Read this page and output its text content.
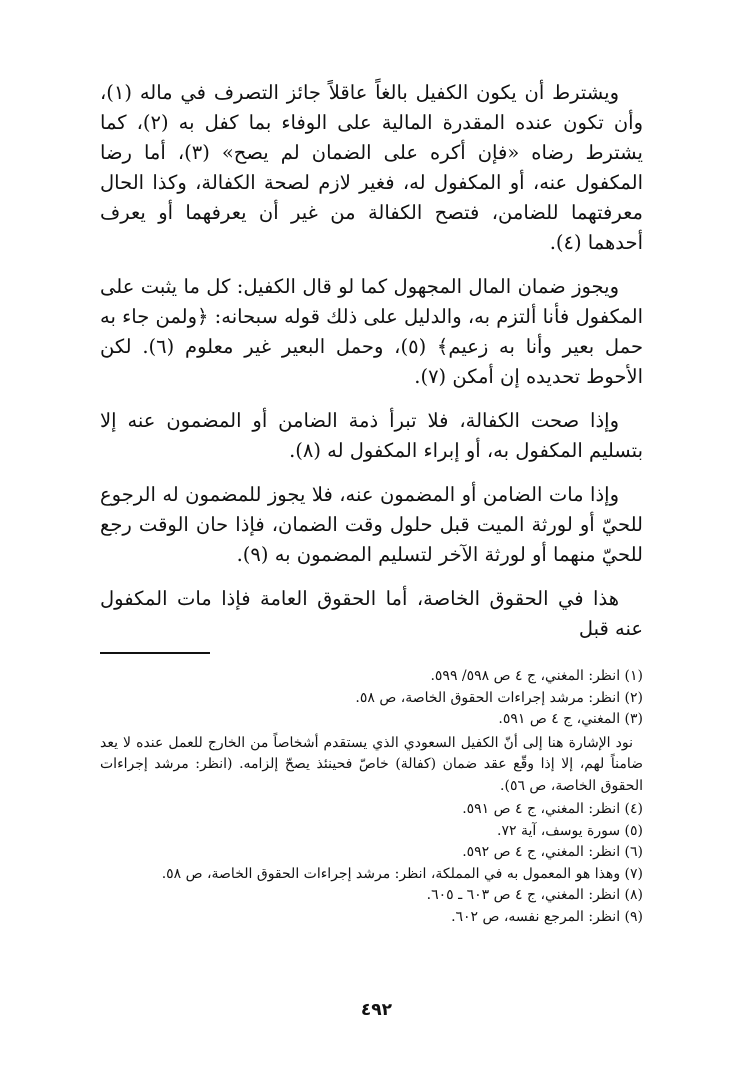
ويشترط أن يكون الكفيل بالغاً عاقلاً جائز التصرف في ماله (١)، وأن تكون عنده المقدرة المالية على الوفاء بما كفل به (٢)، كما يشترط رضاه «فإن أكره على الضمان لم يصح» (٣)، أما رضا المكفول عنه، أو المكفول له، فغير لازم لصحة الكفالة، وكذا الحال معرفتهما للضامن، فتصح الكفالة من غير أن يعرفهما أو يعرف أحدهما (٤).

ويجوز ضمان المال المجهول كما لو قال الكفيل: كل ما يثبت على المكفول فأنا ألتزم به، والدليل على ذلك قوله سبحانه: ﴿ولمن جاء به حمل بعير وأنا به زعيم﴾ (٥)، وحمل البعير غير معلوم (٦). لكن الأحوط تحديده إن أمكن (٧).

وإذا صحت الكفالة، فلا تبرأ ذمة الضامن أو المضمون عنه إلا بتسليم المكفول به، أو إبراء المكفول له (٨).

وإذا مات الضامن أو المضمون عنه، فلا يجوز للمضمون له الرجوع للحيّ أو لورثة الميت قبل حلول وقت الضمان، فإذا حان الوقت رجع للحيّ منهما أو لورثة الآخر لتسليم المضمون به (٩).

هذا في الحقوق الخاصة، أما الحقوق العامة فإذا مات المكفول عنه قبل

(١) انظر: المغني، ج ٤ ص ٥٩٨/ ٥٩٩.

(٢) انظر: مرشد إجراءات الحقوق الخاصة، ص ٥٨.

(٣) المغني، ج ٤ ص ٥٩١.

نود الإشارة هنا إلى أنّ الكفيل السعودي الذي يستقدم أشخاصاً من الخارج للعمل عنده لا يعد ضامناً لهم، إلا إذا وقّع عقد ضمان (كفالة) خاصّ فحينئذ يصحّ إلزامه. (انظر: مرشد إجراءات الحقوق الخاصة، ص ٥٦).

(٤) انظر: المغني، ج ٤ ص ٥٩١.

(٥) سورة يوسف، آية ٧٢.

(٦) انظر: المغني، ج ٤ ص ٥٩٢.

(٧) وهذا هو المعمول به في المملكة، انظر: مرشد إجراءات الحقوق الخاصة، ص ٥٨.

(٨) انظر: المغني، ج ٤ ص ٦٠٣ ـ ٦٠٥.

(٩) انظر: المرجع نفسه، ص ٦٠٢.

٤٩٢
